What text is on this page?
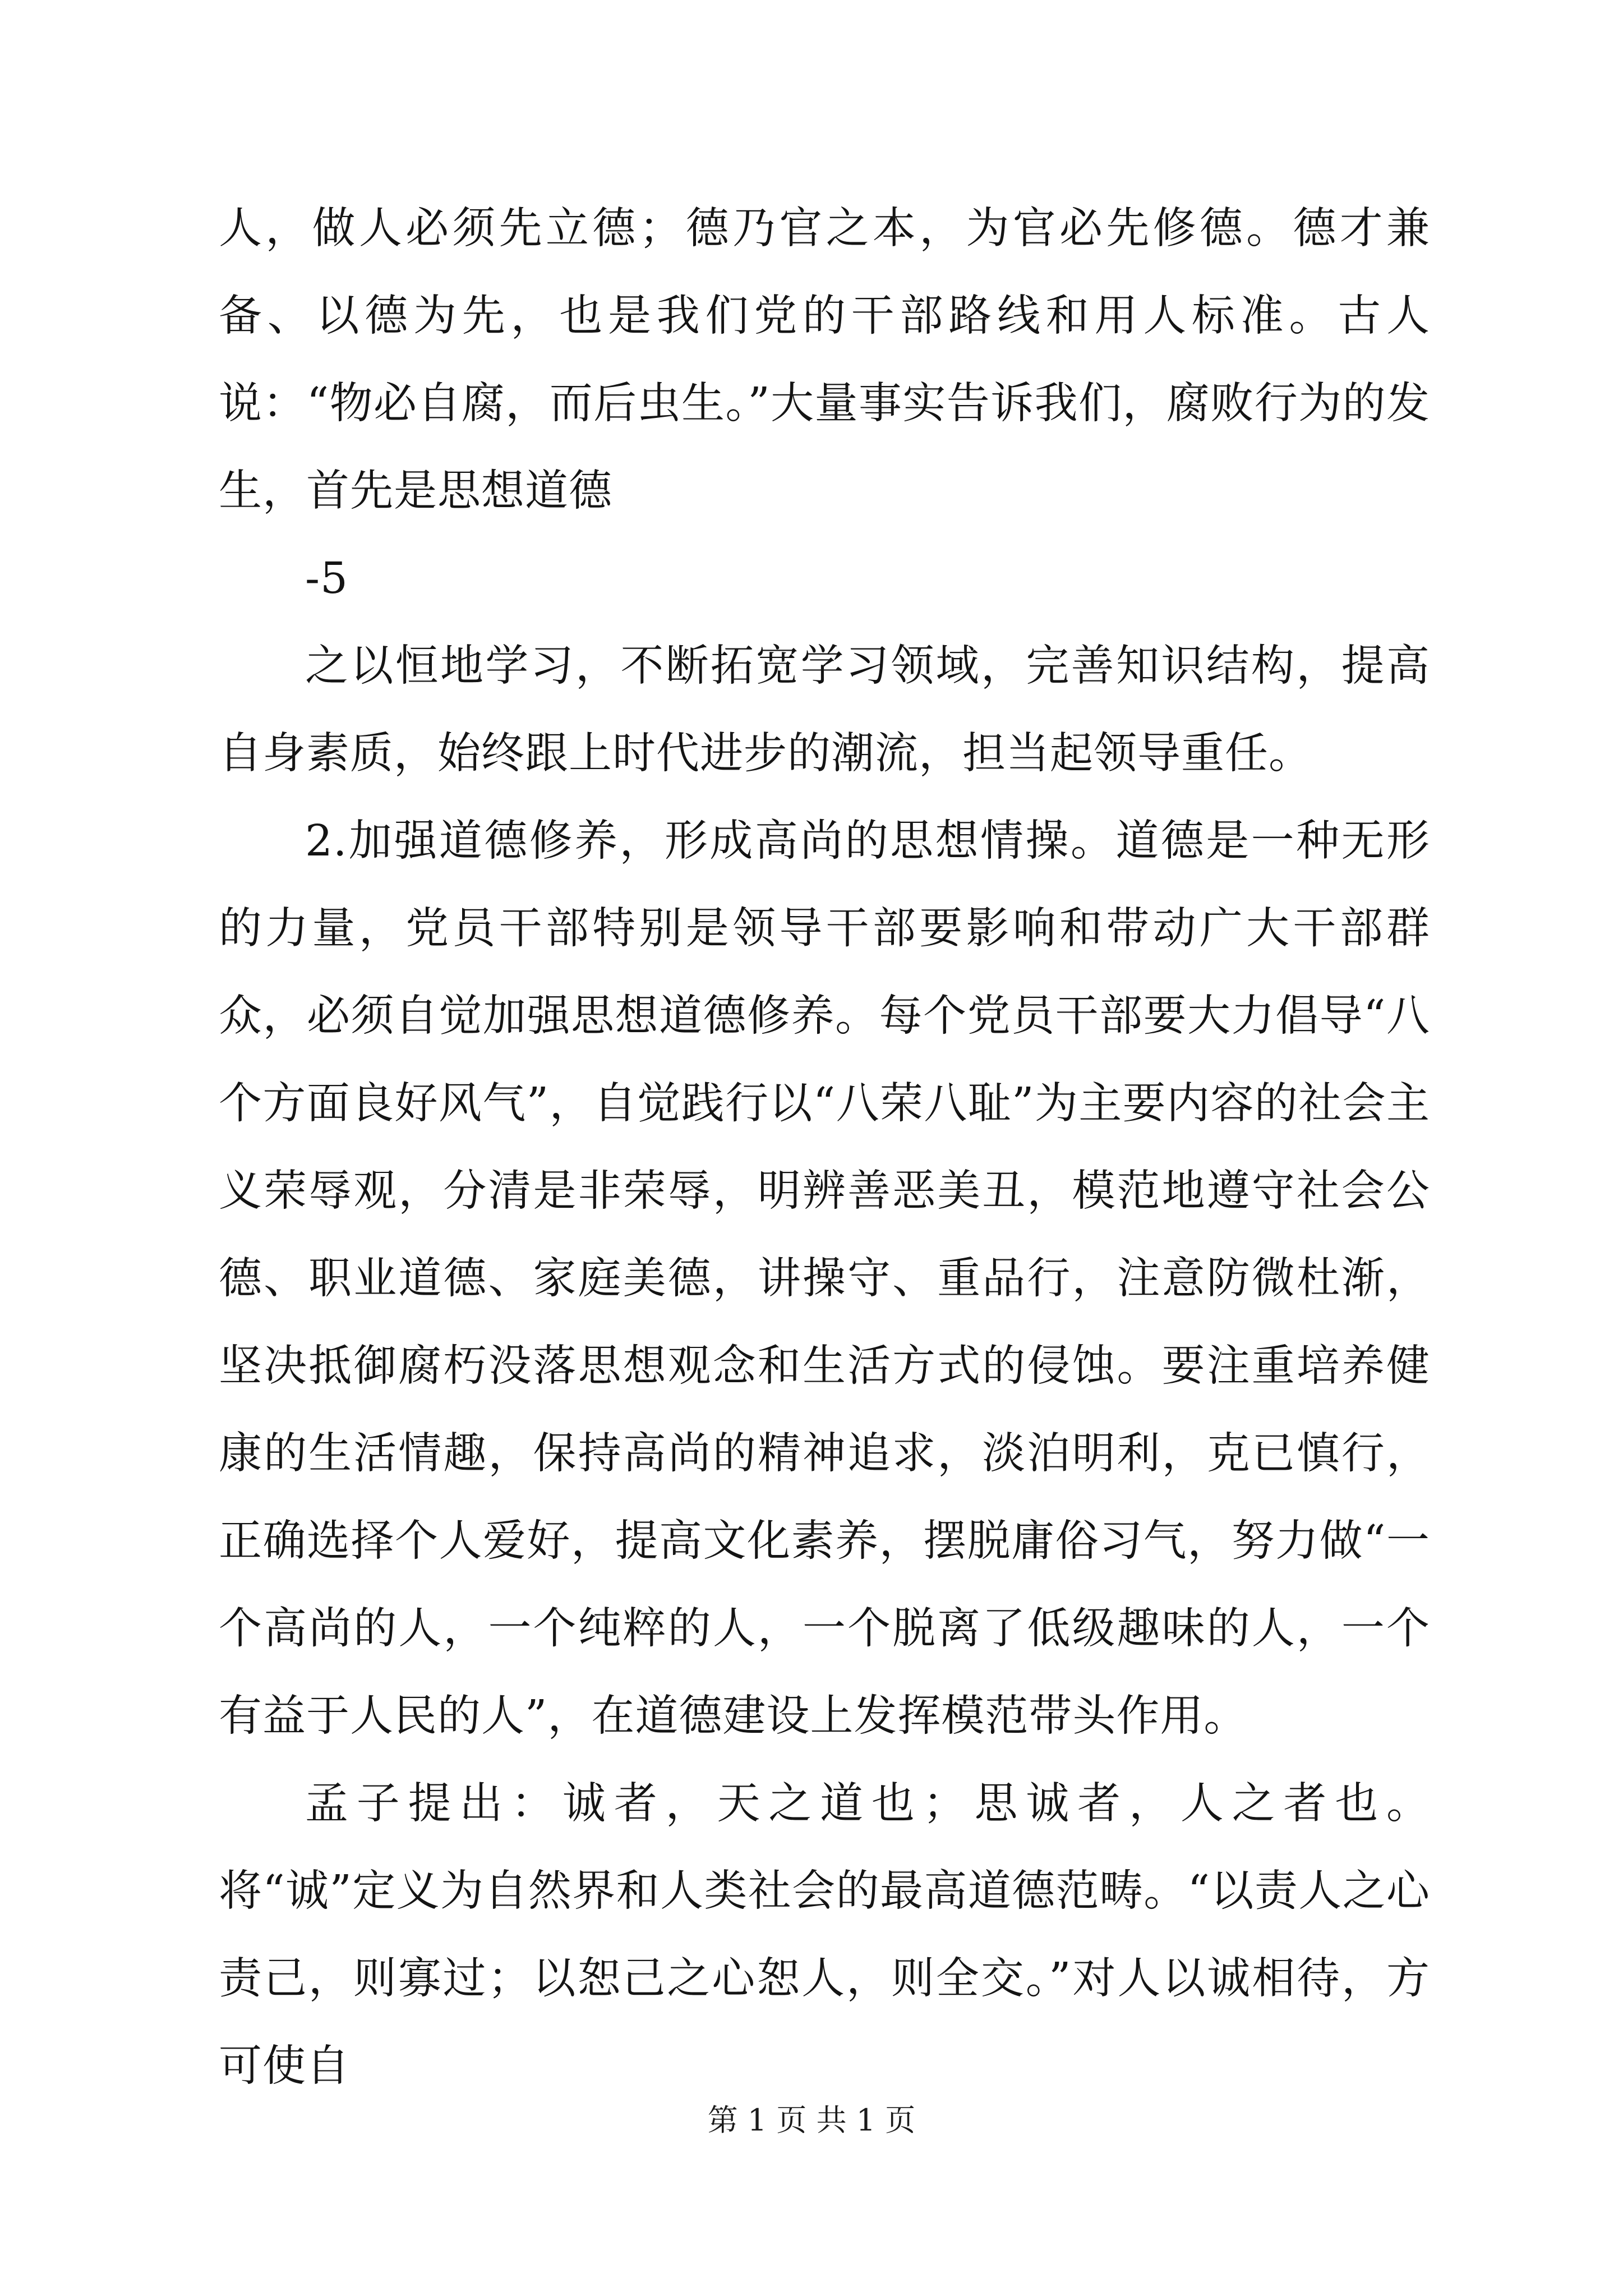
人，做人必须先立德；德乃官之本，为官必先修德。德才兼备、以德为先，也是我们党的干部路线和用人标准。古人说：“物必自腐，而后虫生。”大量事实告诉我们，腐败行为的发生，首先是思想道德

-5

之以恒地学习，不断拓宽学习领域，完善知识结构，提高自身素质，始终跟上时代进步的潮流，担当起领导重任。

2.加强道德修养，形成高尚的思想情操。道德是一种无形的力量，党员干部特别是领导干部要影响和带动广大干部群众，必须自觉加强思想道德修养。每个党员干部要大力倡导“八个方面良好风气”，自觉践行以“八荣八耻”为主要内容的社会主义荣辱观，分清是非荣辱，明辨善恶美丑，模范地遵守社会公德、职业道德、家庭美德，讲操守、重品行，注意防微杜渐，坚决抵御腐朽没落思想观念和生活方式的侵蚀。要注重培养健康的生活情趣，保持高尚的精神追求，淡泊明利，克已慎行，正确选择个人爱好，提高文化素养，摆脱庸俗习气，努力做“一个高尚的人，一个纯粹的人，一个脱离了低级趣味的人，一个有益于人民的人”，在道德建设上发挥模范带头作用。

孟子提出：诚者，天之道也；思诚者，人之者也。将“诚”定义为自然界和人类社会的最高道德范畴。“以责人之心责己，则寡过；以恕己之心恕人，则全交。”对人以诚相待，方可使自

第 1 页 共 1 页
